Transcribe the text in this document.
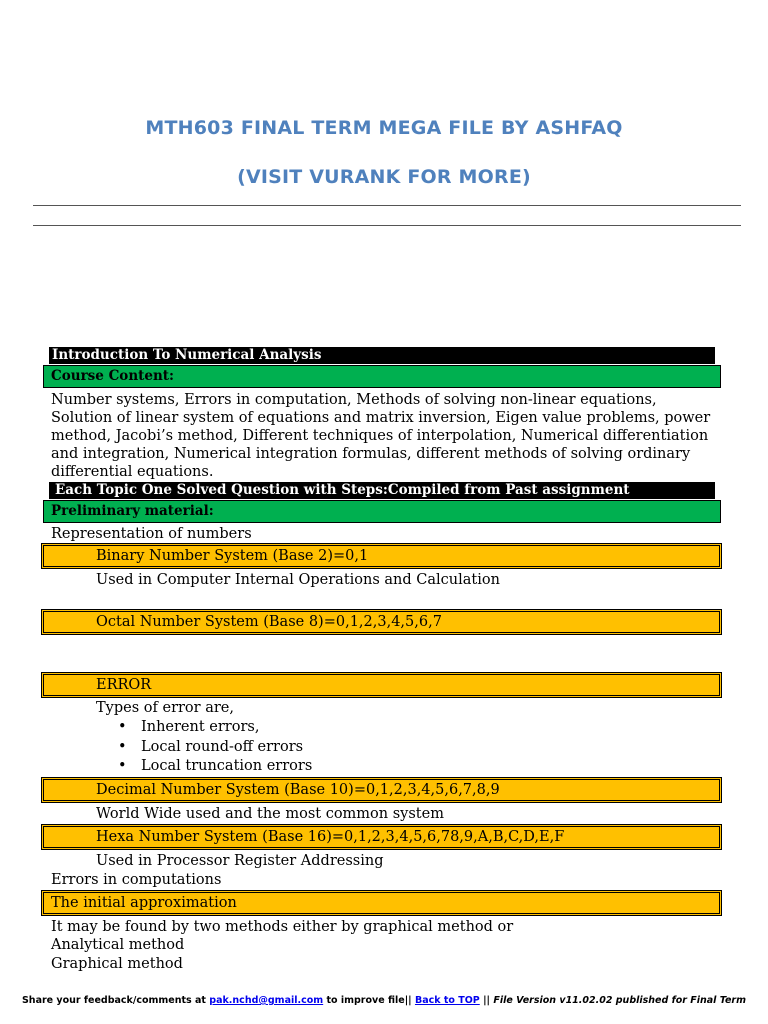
MTH603 FINAL TERM MEGA FILE BY ASHFAQ
(VISIT VURANK FOR MORE)
Introduction To Numerical Analysis
Course Content:
Number systems, Errors in computation, Methods of solving non-linear equations, Solution of linear system of equations and matrix inversion, Eigen value problems, power method, Jacobi’s method, Different techniques of interpolation, Numerical differentiation and integration, Numerical integration formulas, different methods of solving ordinary differential equations.
Each Topic One Solved Question with Steps:Compiled from Past assignment
Preliminary material:
Representation of numbers
Binary Number System (Base 2)=0,1
Used in Computer Internal Operations and Calculation
Octal Number System (Base 8)=0,1,2,3,4,5,6,7
ERROR
Types of error are,
• Inherent errors,
• Local round-off errors
• Local truncation errors
Decimal Number System (Base 10)=0,1,2,3,4,5,6,7,8,9
World Wide used and the most common system
Hexa Number System (Base 16)=0,1,2,3,4,5,6,78,9,A,B,C,D,E,F
Used in Processor Register Addressing
Errors in computations
The initial approximation
It may be found by two methods either by graphical method or
Analytical method
Graphical method
Share your feedback/comments at pak.nchd@gmail.com to improve file|| Back to TOP || File Version v11.02.02 published for Final Term
